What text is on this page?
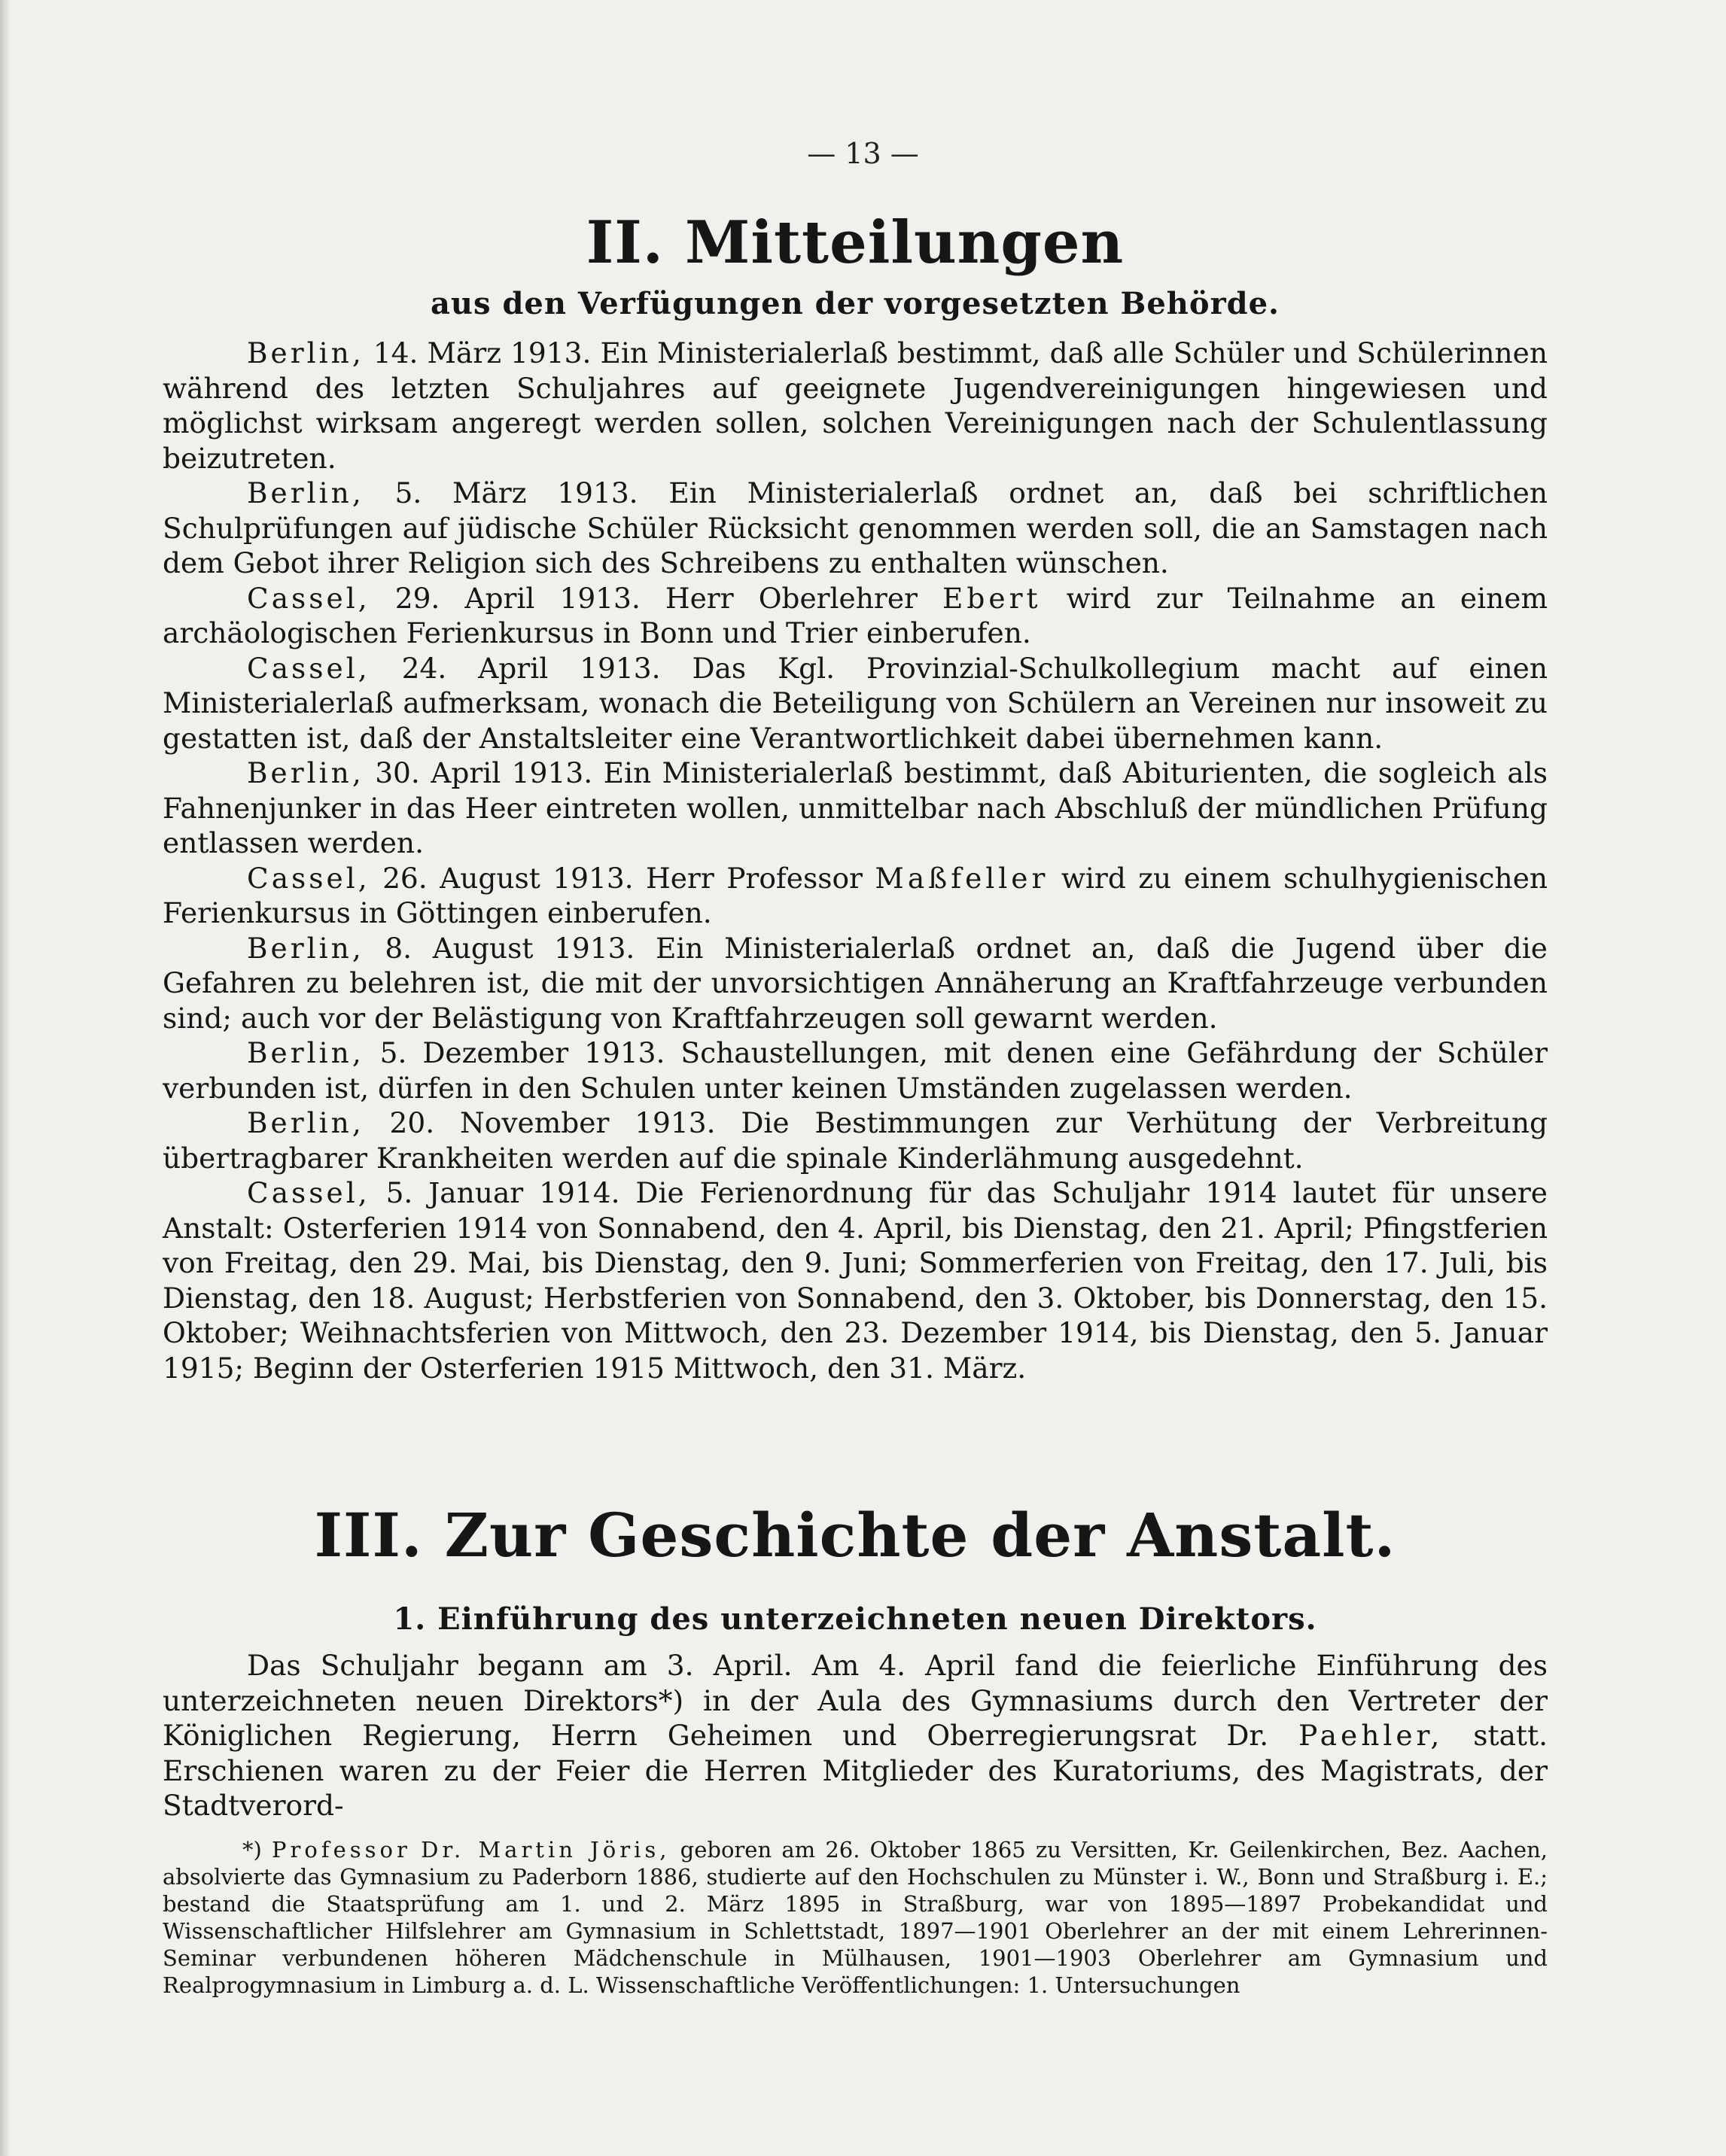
— 13 —
II. Mitteilungen
aus den Verfügungen der vorgesetzten Behörde.

Berlin, 14. März 1913. Ein Ministerialerlaß bestimmt, daß alle Schüler und Schülerinnen während des letzten Schuljahres auf geeignete Jugendvereinigungen hingewiesen und möglichst wirksam angeregt werden sollen, solchen Vereinigungen nach der Schulentlassung beizutreten.

Berlin, 5. März 1913. Ein Ministerialerlaß ordnet an, daß bei schriftlichen Schulprüfungen auf jüdische Schüler Rücksicht genommen werden soll, die an Samstagen nach dem Gebot ihrer Religion sich des Schreibens zu enthalten wünschen.

Cassel, 29. April 1913. Herr Oberlehrer Ebert wird zur Teilnahme an einem archäologischen Ferienkursus in Bonn und Trier einberufen.

Cassel, 24. April 1913. Das Kgl. Provinzial-Schulkollegium macht auf einen Ministerialerlaß aufmerksam, wonach die Beteiligung von Schülern an Vereinen nur insoweit zu gestatten ist, daß der Anstaltsleiter eine Verantwortlichkeit dabei übernehmen kann.

Berlin, 30. April 1913. Ein Ministerialerlaß bestimmt, daß Abiturienten, die sogleich als Fahnenjunker in das Heer eintreten wollen, unmittelbar nach Abschluß der mündlichen Prüfung entlassen werden.

Cassel, 26. August 1913. Herr Professor Maßfeller wird zu einem schulhygienischen Ferienkursus in Göttingen einberufen.

Berlin, 8. August 1913. Ein Ministerialerlaß ordnet an, daß die Jugend über die Gefahren zu belehren ist, die mit der unvorsichtigen Annäherung an Kraftfahrzeuge verbunden sind; auch vor der Belästigung von Kraftfahrzeugen soll gewarnt werden.

Berlin, 5. Dezember 1913. Schaustellungen, mit denen eine Gefährdung der Schüler verbunden ist, dürfen in den Schulen unter keinen Umständen zugelassen werden.

Berlin, 20. November 1913. Die Bestimmungen zur Verhütung der Verbreitung übertragbarer Krankheiten werden auf die spinale Kinderlähmung ausgedehnt.

Cassel, 5. Januar 1914. Die Ferienordnung für das Schuljahr 1914 lautet für unsere Anstalt: Osterferien 1914 von Sonnabend, den 4. April, bis Dienstag, den 21. April; Pfingstferien von Freitag, den 29. Mai, bis Dienstag, den 9. Juni; Sommerferien von Freitag, den 17. Juli, bis Dienstag, den 18. August; Herbstferien von Sonnabend, den 3. Oktober, bis Donnerstag, den 15. Oktober; Weihnachtsferien von Mittwoch, den 23. Dezember 1914, bis Dienstag, den 5. Januar 1915; Beginn der Osterferien 1915 Mittwoch, den 31. März.

III. Zur Geschichte der Anstalt.
1. Einführung des unterzeichneten neuen Direktors.

Das Schuljahr begann am 3. April. Am 4. April fand die feierliche Einführung des unterzeichneten neuen Direktors*) in der Aula des Gymnasiums durch den Vertreter der Königlichen Regierung, Herrn Geheimen und Oberregierungsrat Dr. Paehler, statt. Erschienen waren zu der Feier die Herren Mitglieder des Kuratoriums, des Magistrats, der Stadtverord-

*) Professor Dr. Martin Jöris, geboren am 26. Oktober 1865 zu Versitten, Kr. Geilenkirchen, Bez. Aachen, absolvierte das Gymnasium zu Paderborn 1886, studierte auf den Hochschulen zu Münster i. W., Bonn und Straßburg i. E.; bestand die Staatsprüfung am 1. und 2. März 1895 in Straßburg, war von 1895—1897 Probekandidat und Wissenschaftlicher Hilfslehrer am Gymnasium in Schlettstadt, 1897—1901 Oberlehrer an der mit einem Lehrerinnen-Seminar verbundenen höheren Mädchenschule in Mülhausen, 1901—1903 Oberlehrer am Gymnasium und Realprogymnasium in Limburg a. d. L. Wissenschaftliche Veröffentlichungen: 1. Untersuchungen
